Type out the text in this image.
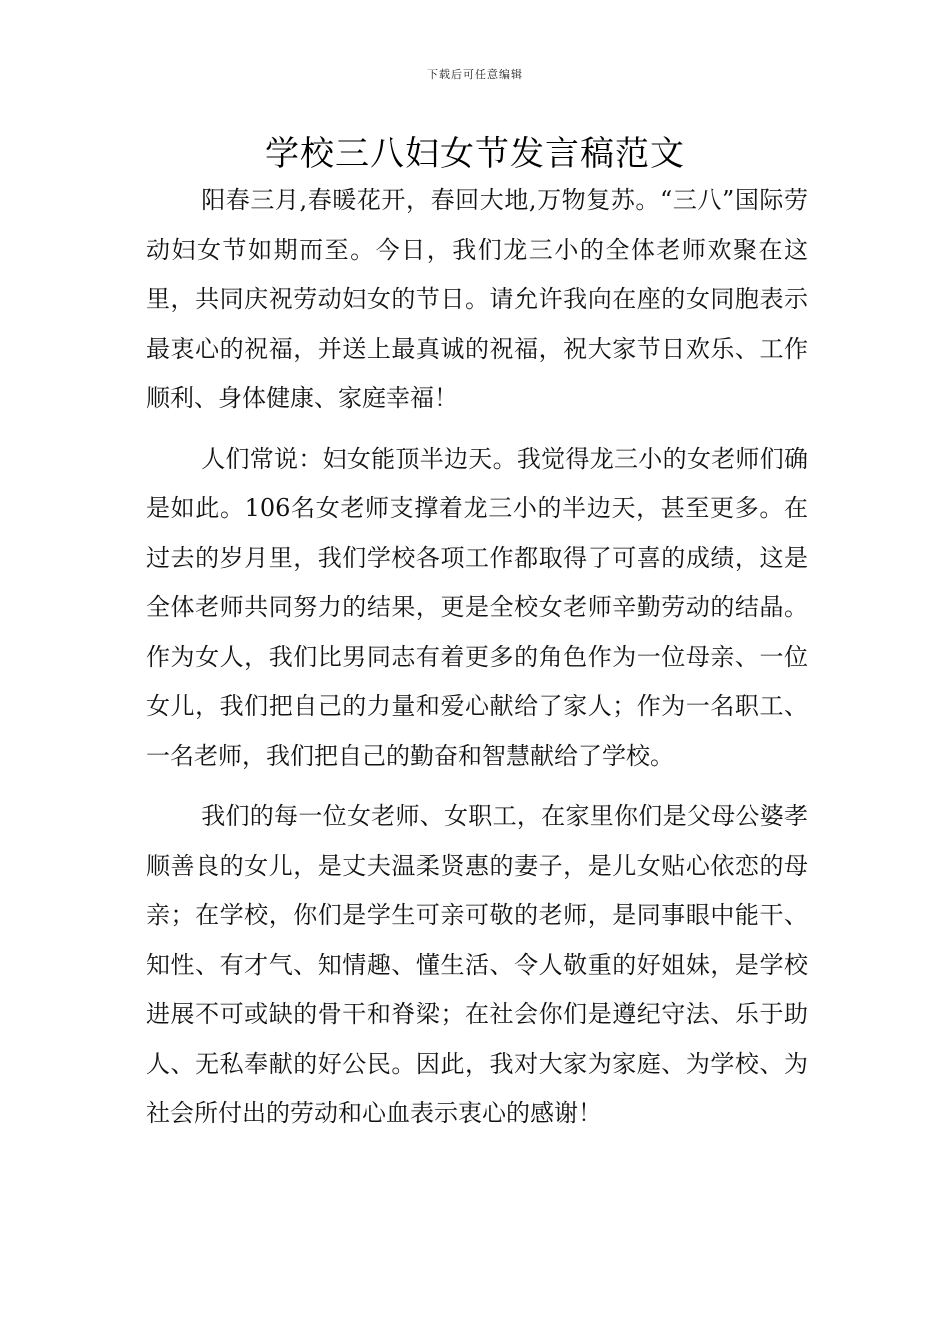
下载后可任意编辑
学校三八妇女节发言稿范文

阳春三月,春暖花开，春回大地,万物复苏。“三八”国际劳动妇女节如期而至。今日，我们龙三小的全体老师欢聚在这里，共同庆祝劳动妇女的节日。请允许我向在座的女同胞表示最衷心的祝福，并送上最真诚的祝福，祝大家节日欢乐、工作顺利、身体健康、家庭幸福！

人们常说：妇女能顶半边天。我觉得龙三小的女老师们确是如此。106名女老师支撑着龙三小的半边天，甚至更多。在过去的岁月里，我们学校各项工作都取得了可喜的成绩，这是全体老师共同努力的结果，更是全校女老师辛勤劳动的结晶。作为女人，我们比男同志有着更多的角色作为一位母亲、一位女儿，我们把自己的力量和爱心献给了家人；作为一名职工、一名老师，我们把自己的勤奋和智慧献给了学校。

我们的每一位女老师、女职工，在家里你们是父母公婆孝顺善良的女儿，是丈夫温柔贤惠的妻子，是儿女贴心依恋的母亲；在学校，你们是学生可亲可敬的老师，是同事眼中能干、知性、有才气、知情趣、懂生活、令人敬重的好姐妹，是学校进展不可或缺的骨干和脊梁；在社会你们是遵纪守法、乐于助人、无私奉献的好公民。因此，我对大家为家庭、为学校、为社会所付出的劳动和心血表示衷心的感谢！
